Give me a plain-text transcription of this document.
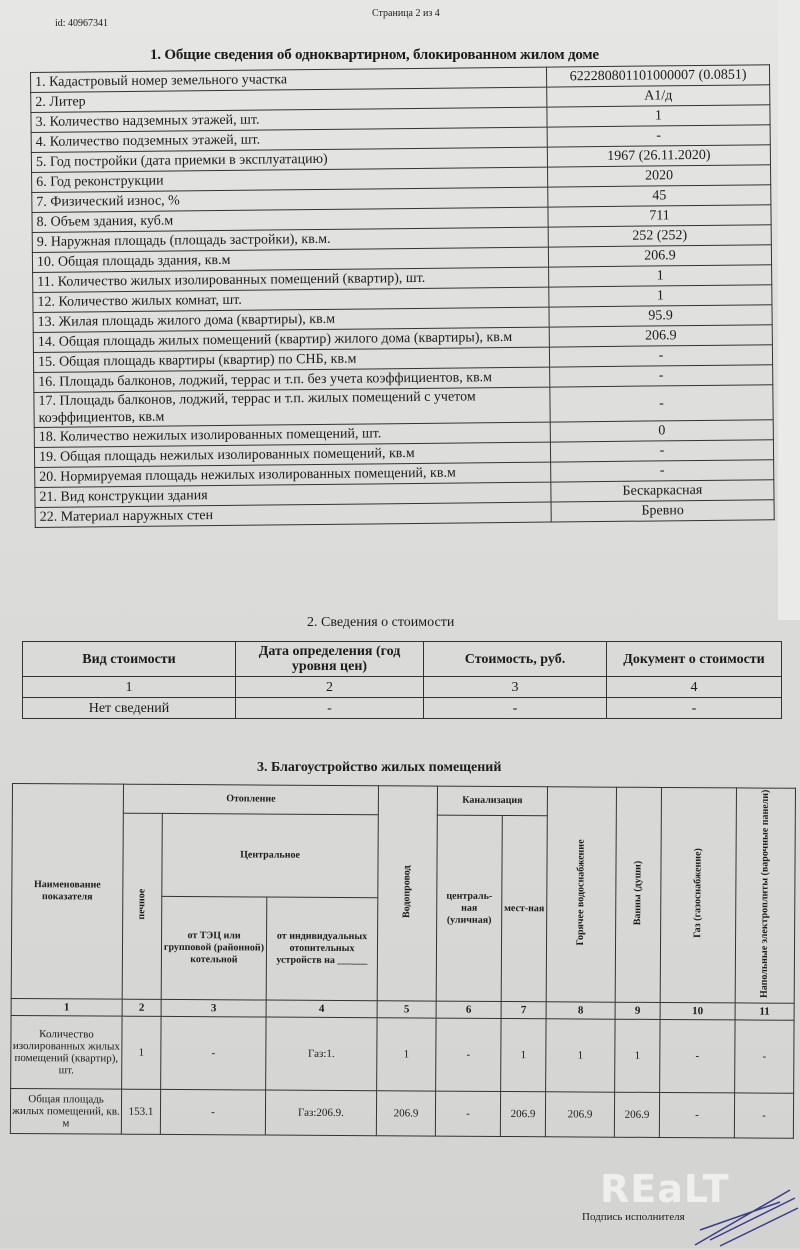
id: 40967341
Страница 2 из 4
1. Общие сведения об одноквартирном, блокированном жилом доме
1. Кадастровый номер земельного участка	622280801101000007 (0.0851)
2. Литер	А1/д
3. Количество надземных этажей, шт.	1
4. Количество подземных этажей, шт.	-
5. Год постройки (дата приемки в эксплуатацию)	1967 (26.11.2020)
6. Год реконструкции	2020
7. Физический износ, %	45
8. Объем здания, куб.м	711
9. Наружная площадь (площадь застройки), кв.м.	252 (252)
10. Общая площадь здания, кв.м	206.9
11. Количество жилых изолированных помещений (квартир), шт.	1
12. Количество жилых комнат, шт.	1
13. Жилая площадь жилого дома (квартиры), кв.м	95.9
14. Общая площадь жилых помещений (квартир) жилого дома (квартиры), кв.м	206.9
15. Общая площадь квартиры (квартир) по СНБ, кв.м	-
16. Площадь балконов, лоджий, террас и т.п. без учета коэффициентов, кв.м	-
17. Площадь балконов, лоджий, террас и т.п. жилых помещений с учетом коэффициентов, кв.м	-
18. Количество нежилых изолированных помещений, шт.	0
19. Общая площадь нежилых изолированных помещений, кв.м	-
20. Нормируемая площадь нежилых изолированных помещений, кв.м	-
21. Вид конструкции здания	Бескаркасная
22. Материал наружных стен	Бревно
2. Сведения о стоимости
Вид стоимости	Дата определения (год уровня цен)	Стоимость, руб.	Документ о стоимости
1	2	3	4
Нет сведений	-	-	-
3. Благоустройство жилых помещений
Наименование показателя	Отопление			Водопровод	Канализация		Горячее водоснабжение	Ванны (души)	Газ (газоснабжение)	Напольные электроплиты (варочные панели)
	печное	Центральное			централь-ная (уличная)	мест-ная				
		от ТЭЦ или групповой (районной) котельной	от индивидуальных отопительных устройств на ______							
1	2	3	4	5	6	7	8	9	10	11
Количество изолированных жилых помещений (квартир), шт.	1	-	Газ:1.	1	-	1	1	1	-	-
Общая площадь жилых помещений, кв. м	153.1	-	Газ:206.9.	206.9	-	206.9	206.9	206.9	-	-
REaLT
Подпись исполнителя
